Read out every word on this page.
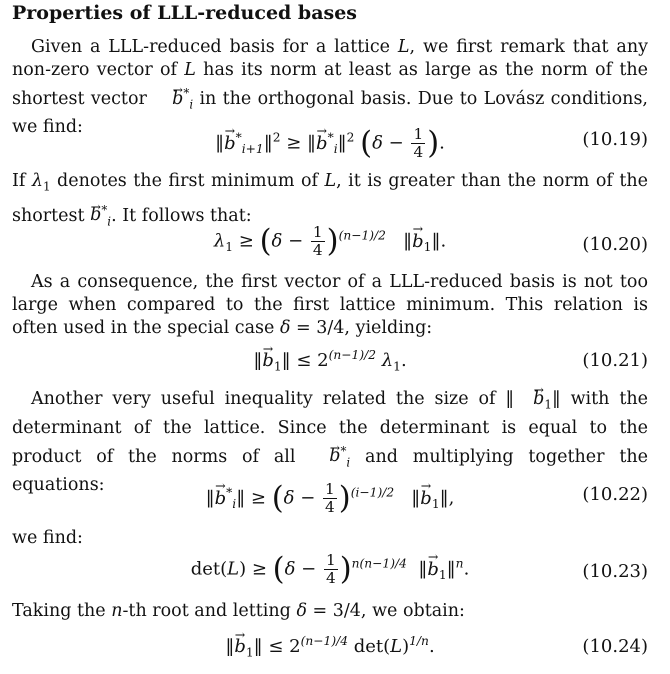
Properties of LLL-reduced bases
Given a LLL-reduced basis for a lattice L, we first remark that any non-zero vector of L has its norm at least as large as the norm of the shortest vector $b \to^*_i$ in the orthogonal basis. Due to Lovász conditions, we find:
‖b $\to^*_{i+1}‖^2$ ≥ ‖b $\to^*_i‖^2$ ($\delta - \frac{1}{4}$ ).	(10.19)
If $\lambda_1$ denotes the first minimum of L, it is greater than the norm of the shortest $b \to^*_i$. It follows that:
$\lambda_1 \ge (\delta - \frac{1}{4} )^{(n-1)/2}$ ‖b $\to_1‖$.	(10.20)
As a consequence, the first vector of a LLL-reduced basis is not too large when compared to the first lattice minimum. This relation is often used in the special case δ = 3/4, yielding:
‖b $\to_1‖ \le 2^{(n-1)/2}$ $\lambda_1$.	(10.21)
Another very useful inequality related the size of ‖ $b \to_1‖$ with the determinant of the lattice. Since the determinant is equal to the product of the norms of all $b \to^*_i$ and multiplying together the equations:
‖b $\to^*_i‖ \ge (\delta - \frac{1}{4} )^{(i-1)/2}$ ‖b $\to_1‖$,	(10.22)
we find:
$\det(L) \ge (\delta - \frac{1}{4} )^{n(n-1)/4}$ ‖b $\to_1‖^n$.	(10.23)
Taking the n-th root and letting δ = 3/4, we obtain:
‖b $\to_1‖ \le 2^{(n-1)/4}$ $\det(L)^{1/n}$.	(10.24)
